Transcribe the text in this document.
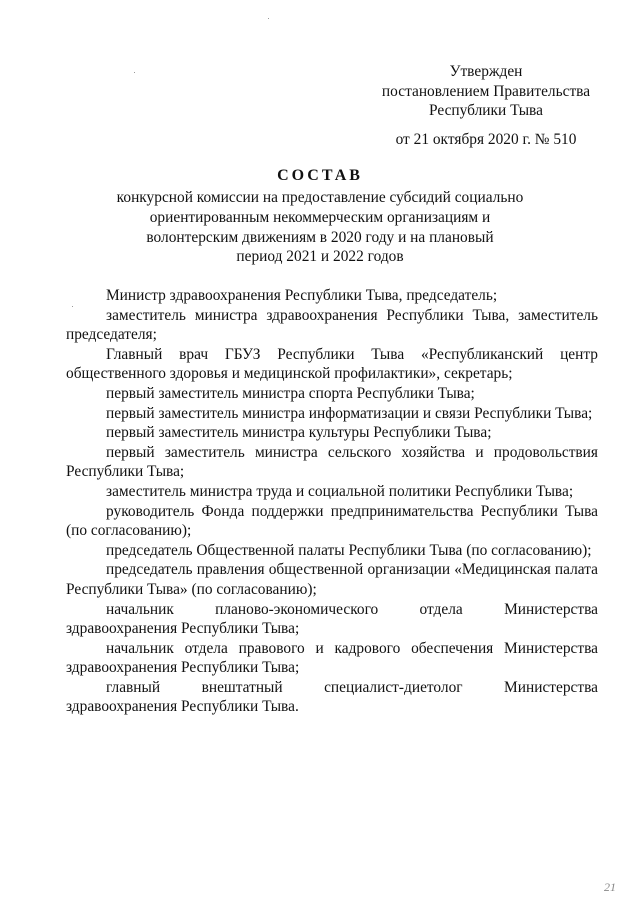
Утвержден
постановлением Правительства
Республики Тыва
от 21 октября 2020 г. № 510
СОСТАВ
конкурсной комиссии на предоставление субсидий социально
ориентированным некоммерческим организациям и
волонтерским движениям в 2020 году и на плановый
период 2021 и 2022 годов

Министр здравоохранения Республики Тыва, председатель;

заместитель министра здравоохранения Республики Тыва, заместитель председателя;

Главный врач ГБУЗ Республики Тыва «Республиканский центр общественного здоровья и медицинской профилактики», секретарь;

первый заместитель министра спорта Республики Тыва;

первый заместитель министра информатизации и связи Республики Тыва;

первый заместитель министра культуры Республики Тыва;

первый заместитель министра сельского хозяйства и продовольствия Республики Тыва;

заместитель министра труда и социальной политики Республики Тыва;

руководитель Фонда поддержки предпринимательства Республики Тыва (по согласованию);

председатель Общественной палаты Республики Тыва (по согласованию);

председатель правления общественной организации «Медицинская палата Республики Тыва» (по согласованию);

начальник планово-экономического отдела Министерства здравоохранения Республики Тыва;

начальник отдела правового и кадрового обеспечения Министерства здравоохранения Республики Тыва;

главный внештатный специалист-диетолог Министерства здравоохранения Республики Тыва.

21
